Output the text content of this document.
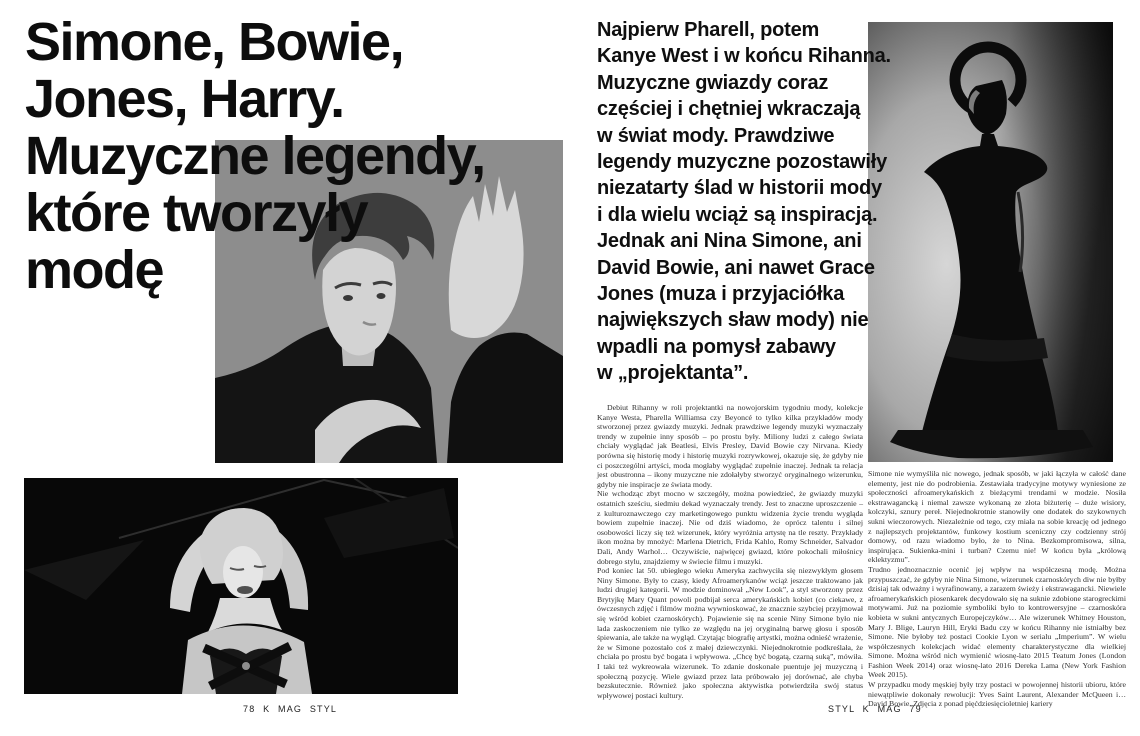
Simone, Bowie,
Jones, Harry.
Muzyczne legendy,
które tworzyły
modę
78 K MAG STYL
Najpierw Pharell, potem
Kanye West i w końcu Rihanna.
Muzyczne gwiazdy coraz
częściej i chętniej wkraczają
w świat mody. Prawdziwe
legendy muzyczne pozostawiły
niezatarty ślad w historii mody
i dla wielu wciąż są inspiracją.
Jednak ani Nina Simone, ani
David Bowie, ani nawet Grace
Jones (muza i przyjaciółka
największych sław mody) nie
wpadli na pomysł zabawy
w „projektanta”.

Debiut Rihanny w roli projektantki na nowojorskim tygodniu mody, kolekcje Kanye Westa, Pharella Williamsa czy Beyoncé to tylko kilka przykładów mody stworzonej przez gwiazdy muzyki. Jednak prawdziwe legendy muzyki wyznaczały trendy w zupełnie inny sposób – po prostu były. Miliony ludzi z całego świata chciały wyglądać jak Beatlesi, Elvis Presley, David Bowie czy Nirvana. Kiedy porówna się historię mody i historię muzyki rozrywkowej, okazuje się, że gdyby nie ci poszczególni artyści, moda mogłaby wyglądać zupełnie inaczej. Jednak ta relacja jest obustronna – ikony muzyczne nie zdołałyby stworzyć oryginalnego wizerunku, gdyby nie inspiracje ze świata mody.

Nie wchodząc zbyt mocno w szczegóły, można powiedzieć, że gwiazdy muzyki ostatnich sześciu, siedmiu dekad wyznaczały trendy. Jest to znaczne uproszczenie – z kulturoznawczego czy marketingowego punktu widzenia życie trendu wygląda bowiem zupełnie inaczej. Nie od dziś wiadomo, że oprócz talentu i silnej osobowości liczy się też wizerunek, który wyróżnia artystę na tle reszty. Przykłady ikon można by mnożyć: Marlena Dietrich, Frida Kahlo, Romy Schneider, Salvador Dali, Andy Warhol… Oczywiście, najwięcej gwiazd, które pokochali miłośnicy dobrego stylu, znajdziemy w świecie filmu i muzyki.

Pod koniec lat 50. ubiegłego wieku Ameryka zachwyciła się niezwykłym głosem Niny Simone. Były to czasy, kiedy Afroamerykanów wciąż jeszcze traktowano jak ludzi drugiej kategorii. W modzie dominował „New Look”, a styl stworzony przez Brytyjkę Mary Quant powoli podbijał serca amerykańskich kobiet (co ciekawe, z ówczesnych zdjęć i filmów można wywnioskować, że znacznie szybciej przyjmował się wśród kobiet czarnoskórych). Pojawienie się na scenie Niny Simone było nie lada zaskoczeniem nie tylko ze względu na jej oryginalną barwę głosu i sposób śpiewania, ale także na wygląd. Czytając biografię artystki, można odnieść wrażenie, że w Simone pozostało coś z małej dziewczynki. Niejednokrotnie podkreślała, że chciała po prostu być bogata i wpływowa. „Chcę być bogatą, czarną suką”, mówiła. I taki też wykreowała wizerunek. To zdanie doskonale puentuje jej muzyczną i społeczną pozycję. Wiele gwiazd przez lata próbowało jej dorównać, ale chyba bezskutecznie. Również jako społeczna aktywistka potwierdziła swój status wpływowej postaci kultury.

Simone nie wymyśliła nic nowego, jednak sposób, w jaki łączyła w całość dane elementy, jest nie do podrobienia. Zestawiała tradycyjne motywy wyniesione ze społeczności afroamerykańskich z bieżącymi trendami w modzie. Nosiła ekstrawagancką i niemal zawsze wykonaną ze złota biżuterię – duże wisiory, kolczyki, sznury pereł. Niejednokrotnie stanowiły one dodatek do szykownych sukni wieczorowych. Niezależnie od tego, czy miała na sobie kreację od jednego z najlepszych projektantów, funkowy kostium sceniczny czy codzienny strój domowy, od razu wiadomo było, że to Nina. Bezkompromisowa, silna, inspirująca. Sukienka-mini i turban? Czemu nie! W końcu była „królową eklektyzmu”.

Trudno jednoznacznie ocenić jej wpływ na współczesną modę. Można przypuszczać, że gdyby nie Nina Simone, wizerunek czarnoskórych diw nie byłby dzisiaj tak odważny i wyrafinowany, a zarazem świeży i ekstrawagancki. Niewiele afroamerykańskich piosenkarek decydowało się na suknie zdobione starogreckimi motywami. Już na poziomie symboliki było to kontrowersyjne – czarnoskóra kobieta w sukni antycznych Europejczyków… Ale wizerunek Whitney Houston, Mary J. Blige, Lauryn Hill, Eryki Badu czy w końcu Rihanny nie istniałby bez Simone. Nie byłoby też postaci Cookie Lyon w serialu „Imperium”. W wielu współczesnych kolekcjach widać elementy charakterystyczne dla wielkiej Simone. Można wśród nich wymienić wiosnę-lato 2015 Teatum Jones (London Fashion Week 2014) oraz wiosnę-lato 2016 Dereka Lama (New York Fashion Week 2015).

W przypadku mody męskiej były trzy postaci w powojennej historii ubioru, które niewątpliwie dokonały rewolucji: Yves Saint Laurent, Alexander McQueen i… David Bowie. Zdjęcia z ponad pięćdziesięcioletniej kariery

STYL K MAG 79
